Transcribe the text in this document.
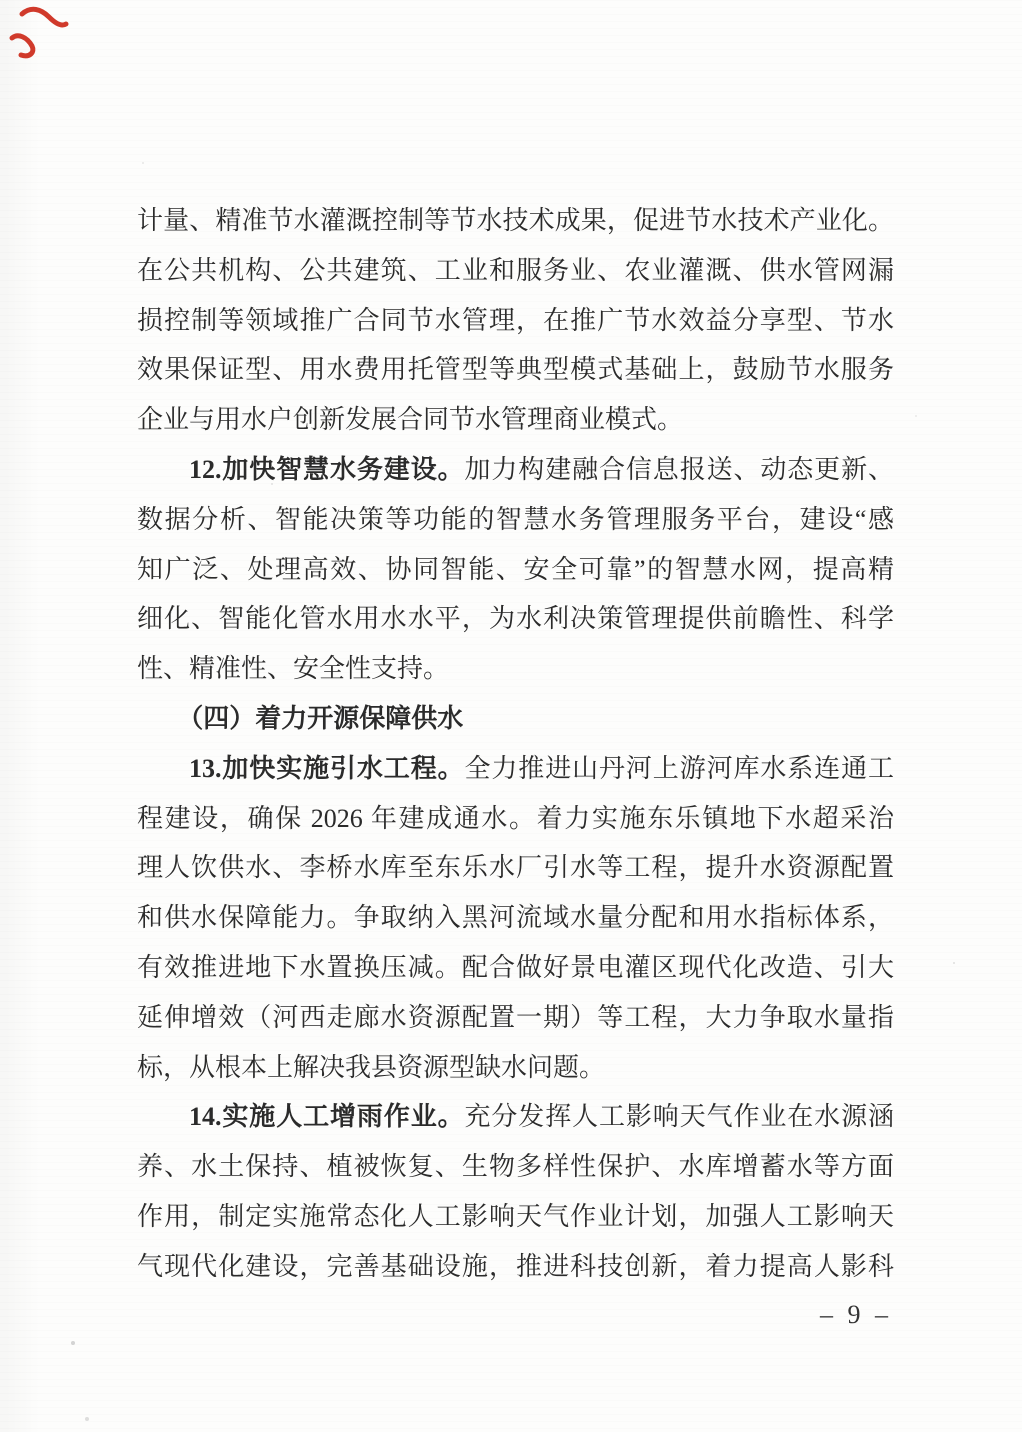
计量、精准节水灌溉控制等节水技术成果，促进节水技术产业化。
在公共机构、公共建筑、工业和服务业、农业灌溉、供水管网漏
损控制等领域推广合同节水管理，在推广节水效益分享型、节水
效果保证型、用水费用托管型等典型模式基础上，鼓励节水服务
企业与用水户创新发展合同节水管理商业模式。
12.加快智慧水务建设。加力构建融合信息报送、动态更新、
数据分析、智能决策等功能的智慧水务管理服务平台，建设“感
知广泛、处理高效、协同智能、安全可靠”的智慧水网，提高精
细化、智能化管水用水水平，为水利决策管理提供前瞻性、科学
性、精准性、安全性支持。
（四）着力开源保障供水
13.加快实施引水工程。全力推进山丹河上游河库水系连通工
程建设，确保 2026 年建成通水。着力实施东乐镇地下水超采治
理人饮供水、李桥水库至东乐水厂引水等工程，提升水资源配置
和供水保障能力。争取纳入黑河流域水量分配和用水指标体系，
有效推进地下水置换压减。配合做好景电灌区现代化改造、引大
延伸增效（河西走廊水资源配置一期）等工程，大力争取水量指
标，从根本上解决我县资源型缺水问题。
14.实施人工增雨作业。充分发挥人工影响天气作业在水源涵
养、水土保持、植被恢复、生物多样性保护、水库增蓄水等方面
作用，制定实施常态化人工影响天气作业计划，加强人工影响天
气现代化建设，完善基础设施，推进科技创新，着力提高人影科
– 9 –
